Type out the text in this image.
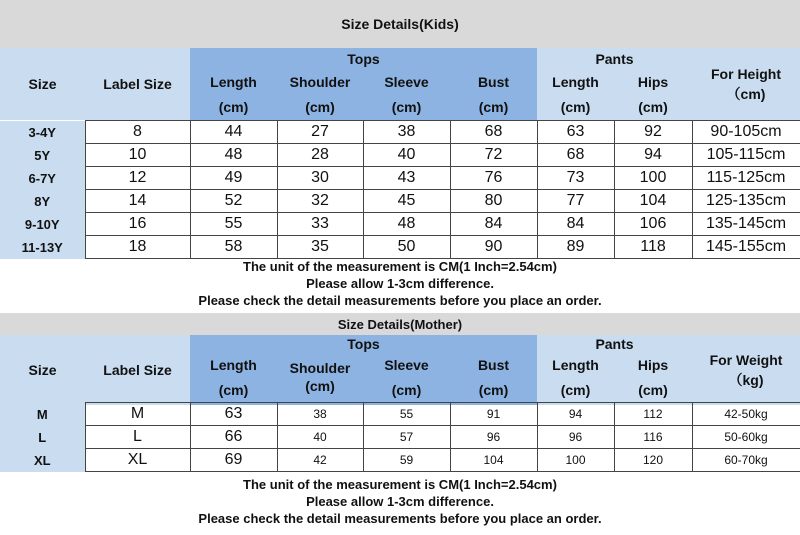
Size Details(Kids)
Size	Label Size
Tops	Pants
Length	Shoulder	Sleeve	Bust	Length	Hips
(cm)	(cm)	(cm)	(cm)	(cm)	(cm)
For Height
（cm)
3-4Y	8	44	27	38	68	63	92	90-105cm
5Y	10	48	28	40	72	68	94	105-115cm
6-7Y	12	49	30	43	76	73	100	115-125cm
8Y	14	52	32	45	80	77	104	125-135cm
9-10Y	16	55	33	48	84	84	106	135-145cm
11-13Y	18	58	35	50	90	89	118	145-155cm
The unit of the measurement is CM(1 Inch=2.54cm)
Please allow 1-3cm difference.
Please check the detail measurements before you place an order.
Size Details(Mother)
Size	Label Size
Tops	Pants
Length	Shoulder	Sleeve	Bust	Length	Hips
(cm)	(cm)	(cm)	(cm)	(cm)	(cm)
For Weight
（kg)
M	M	63	38	55	91	94	112	42-50kg
L	L	66	40	57	96	96	116	50-60kg
XL	XL	69	42	59	104	100	120	60-70kg
The unit of the measurement is CM(1 Inch=2.54cm)
Please allow 1-3cm difference.
Please check the detail measurements before you place an order.
